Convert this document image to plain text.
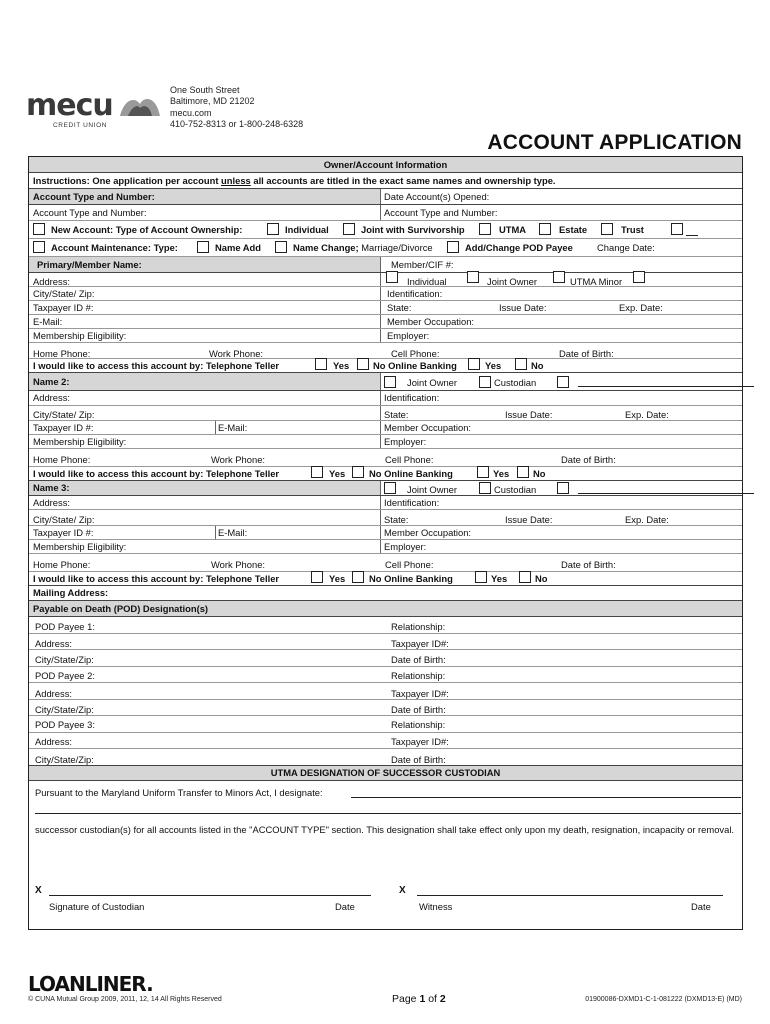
mecu
CREDIT UNION
One South Street
Baltimore, MD 21202
mecu.com
410-752-8313 or 1-800-248-6328
ACCOUNT APPLICATION
Owner/Account Information
Instructions: One application per account unless all accounts are titled in the exact same names and ownership type.
Account Type and Number:	Date Account(s) Opened:
Account Type and Number:	Account Type and Number:
New Account: Type of Account Ownership:	Individual	Joint with Survivorship	UTMA	Estate	Trust
Account Maintenance: Type:	Name Add	Name Change; Marriage/Divorce	Add/Change POD Payee	Change Date:
Primary/Member Name:	Member/CIF #:
Address:	Individual	Joint Owner	UTMA Minor
City/State/ Zip:	Identification:
Taxpayer ID #:	State:	Issue Date:	Exp. Date:
E-Mail:	Member Occupation:
Membership Eligibility:	Employer:
Home Phone:	Work Phone:	Cell Phone:	Date of Birth:
I would like to access this account by: Telephone Teller	Yes	No Online Banking	Yes	No
Name 2:	Joint Owner	Custodian
Address:	Identification:
City/State/ Zip:	State:	Issue Date:	Exp. Date:
Taxpayer ID #:	E-Mail:	Member Occupation:
Membership Eligibility:	Employer:
Home Phone:	Work Phone:	Cell Phone:	Date of Birth:
I would like to access this account by: Telephone Teller	Yes	No Online Banking	Yes	No
Name 3:	Joint Owner	Custodian
Address:	Identification:
City/State/ Zip:	State:	Issue Date:	Exp. Date:
Taxpayer ID #:	E-Mail:	Member Occupation:
Membership Eligibility:	Employer:
Home Phone:	Work Phone:	Cell Phone:	Date of Birth:
I would like to access this account by: Telephone Teller	Yes	No Online Banking	Yes	No
Mailing Address:
Payable on Death (POD) Designation(s)
POD Payee 1:	Relationship:
Address:	Taxpayer ID#:
City/State/Zip:	Date of Birth:
POD Payee 2:	Relationship:
Address:	Taxpayer ID#:
City/State/Zip:	Date of Birth:
POD Payee 3:	Relationship:
Address:	Taxpayer ID#:
City/State/Zip:	Date of Birth:
UTMA DESIGNATION OF SUCCESSOR CUSTODIAN
Pursuant to the Maryland Uniform Transfer to Minors Act, I designate:
successor custodian(s) for all accounts listed in the "ACCOUNT TYPE" section. This designation shall take effect only upon my death, resignation, incapacity or removal.
X	X
Signature of Custodian	Date	Witness	Date
LOANLINER.
© CUNA Mutual Group 2009, 2011, 12, 14 All Rights Reserved	Page 1 of 2	01900086-DXMD1-C-1-081222 (DXMD13-E) (MD)
